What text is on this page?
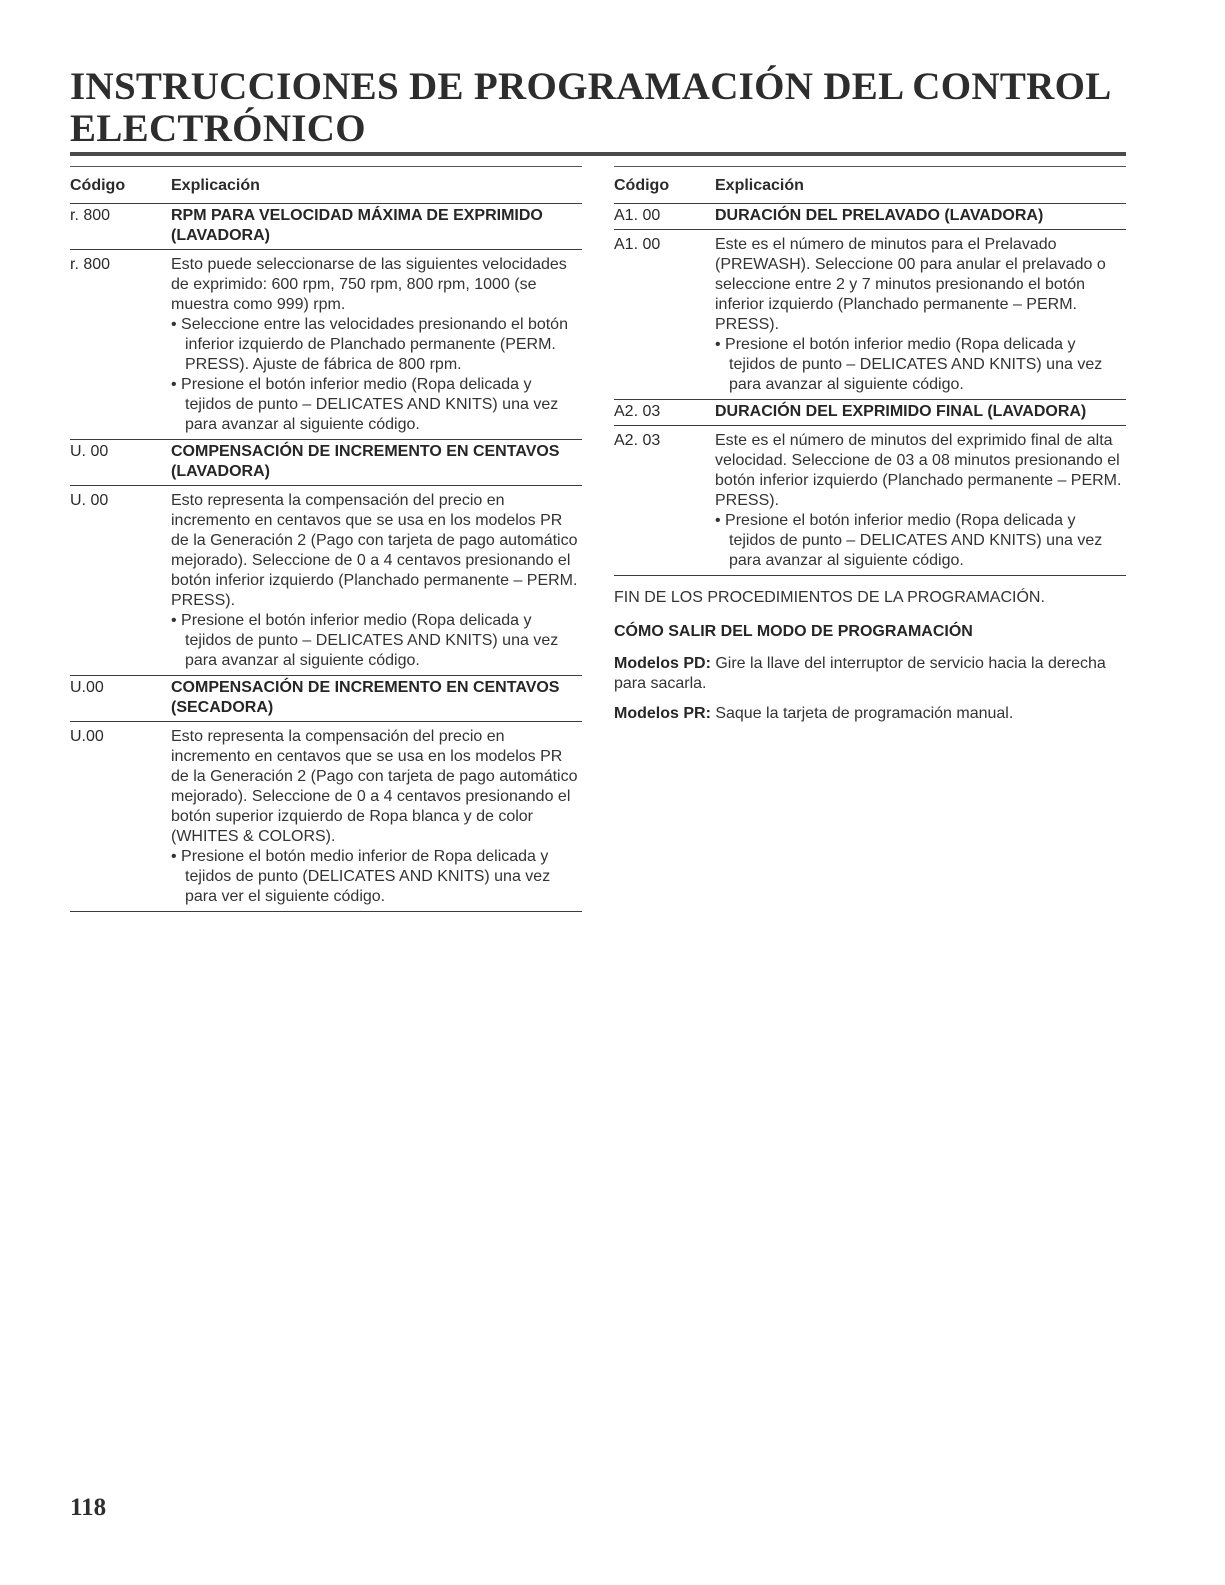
INSTRUCCIONES DE PROGRAMACIÓN DEL CONTROL ELECTRÓNICO
Código	Explicación
r. 800	RPM PARA VELOCIDAD MÁXIMA DE EXPRIMIDO (LAVADORA)
r. 800	Esto puede seleccionarse de las siguientes velocidades de exprimido: 600 rpm, 750 rpm, 800 rpm, 1000 (se muestra como 999) rpm.
• Seleccione entre las velocidades presionando el botón inferior izquierdo de Planchado permanente (PERM. PRESS). Ajuste de fábrica de 800 rpm.
• Presione el botón inferior medio (Ropa delicada y tejidos de punto – DELICATES AND KNITS) una vez para avanzar al siguiente código.
U. 00	COMPENSACIÓN DE INCREMENTO EN CENTAVOS (LAVADORA)
U. 00	Esto representa la compensación del precio en incremento en centavos que se usa en los modelos PR de la Generación 2 (Pago con tarjeta de pago automático mejorado). Seleccione de 0 a 4 centavos presionando el botón inferior izquierdo (Planchado permanente – PERM. PRESS).
• Presione el botón inferior medio (Ropa delicada y tejidos de punto – DELICATES AND KNITS) una vez para avanzar al siguiente código.
U.00	COMPENSACIÓN DE INCREMENTO EN CENTAVOS (SECADORA)
U.00	Esto representa la compensación del precio en incremento en centavos que se usa en los modelos PR de la Generación 2 (Pago con tarjeta de pago automático mejorado). Seleccione de 0 a 4 centavos presionando el botón superior izquierdo de Ropa blanca y de color (WHITES & COLORS).
• Presione el botón medio inferior de Ropa delicada y tejidos de punto (DELICATES AND KNITS) una vez para ver el siguiente código.
Código	Explicación
A1. 00	DURACIÓN DEL PRELAVADO (LAVADORA)
A1. 00	Este es el número de minutos para el Prelavado (PREWASH). Seleccione 00 para anular el prelavado o seleccione entre 2 y 7 minutos presionando el botón inferior izquierdo (Planchado permanente – PERM. PRESS).
• Presione el botón inferior medio (Ropa delicada y tejidos de punto – DELICATES AND KNITS) una vez para avanzar al siguiente código.
A2. 03	DURACIÓN DEL EXPRIMIDO FINAL (LAVADORA)
A2. 03	Este es el número de minutos del exprimido final de alta velocidad. Seleccione de 03 a 08 minutos presionando el botón inferior izquierdo (Planchado permanente – PERM. PRESS).
• Presione el botón inferior medio (Ropa delicada y tejidos de punto – DELICATES AND KNITS) una vez para avanzar al siguiente código.

FIN DE LOS PROCEDIMIENTOS DE LA PROGRAMACIÓN.

CÓMO SALIR DEL MODO DE PROGRAMACIÓN

Modelos PD: Gire la llave del interruptor de servicio hacia la derecha para sacarla.

Modelos PR: Saque la tarjeta de programación manual.

118
